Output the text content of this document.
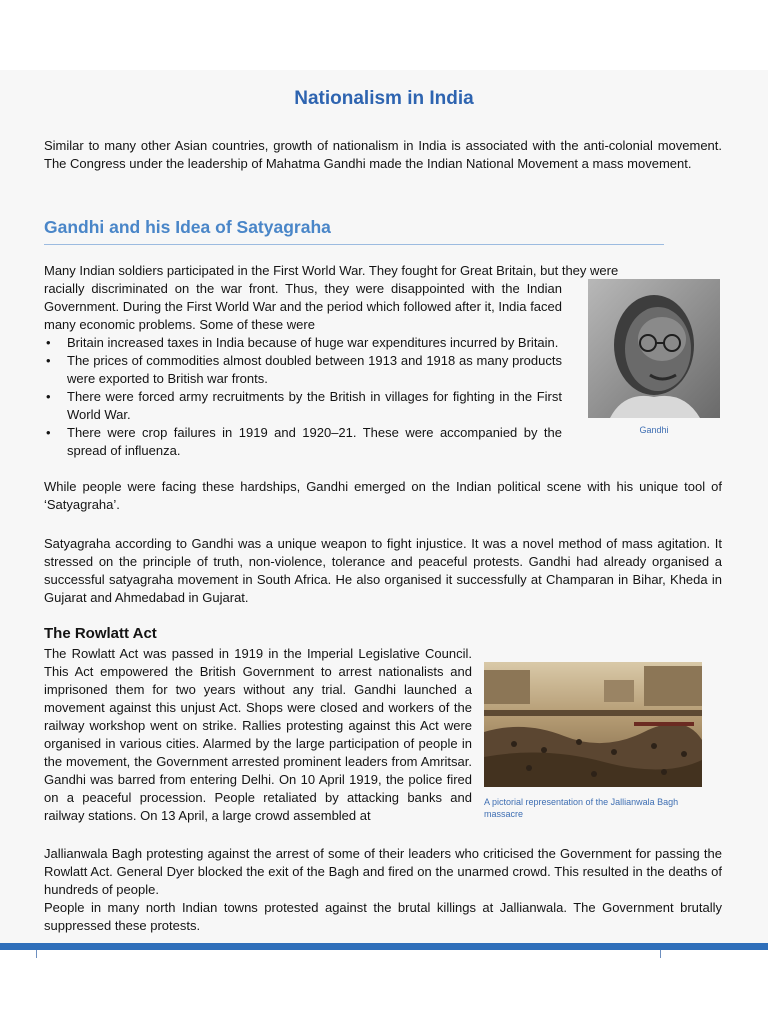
Nationalism in India

Similar to many other Asian countries, growth of nationalism in India is associated with the anti-colonial movement. The Congress under the leadership of Mahatma Gandhi made the Indian National Movement a mass movement.

Gandhi and his Idea of Satyagraha

Many Indian soldiers participated in the First World War. They fought for Great Britain, but they were

racially discriminated on the war front. Thus, they were disappointed with the Indian Government. During the First World War and the period which followed after it, India faced many economic problems. Some of these were

• Britain increased taxes in India because of huge war expenditures incurred by Britain.
• The prices of commodities almost doubled between 1913 and 1918 as many products were exported to British war fronts.
• There were forced army recruitments by the British in villages for fighting in the First World War.
• There were crop failures in 1919 and 1920–21. These were accompanied by the spread of influenza.

While people were facing these hardships, Gandhi emerged on the Indian political scene with his unique tool of ‘Satyagraha’.

Satyagraha according to Gandhi was a unique weapon to fight injustice. It was a novel method of mass agitation. It stressed on the principle of truth, non-violence, tolerance and peaceful protests. Gandhi had already organised a successful satyagraha movement in South Africa. He also organised it successfully at Champaran in Bihar, Kheda in Gujarat and Ahmedabad in Gujarat.

Gandhi

The Rowlatt Act

The Rowlatt Act was passed in 1919 in the Imperial Legislative Council. This Act empowered the British Government to arrest nationalists and imprisoned them for two years without any trial. Gandhi launched a movement against this unjust Act. Shops were closed and workers of the railway workshop went on strike. Rallies protesting against this Act were organised in various cities. Alarmed by the large participation of people in the movement, the Government arrested prominent leaders from Amritsar. Gandhi was barred from entering Delhi. On 10 April 1919, the police fired on a peaceful procession. People retaliated by attacking banks and railway stations. On 13 April, a large crowd assembled at

Jallianwala Bagh protesting against the arrest of some of their leaders who criticised the Government for passing the Rowlatt Act. General Dyer blocked the exit of the Bagh and fired on the unarmed crowd. This resulted in the deaths of hundreds of people.

People in many north Indian towns protested against the brutal killings at Jallianwala. The Government brutally suppressed these protests.

A pictorial representation of the Jallianwala Bagh massacre
